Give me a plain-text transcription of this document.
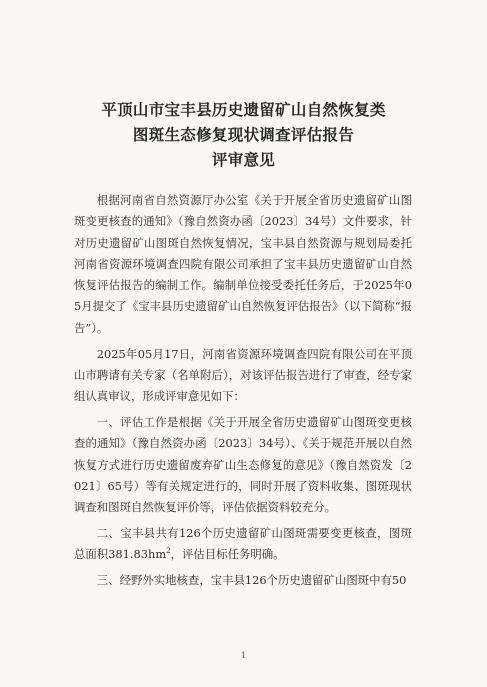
平顶山市宝丰县历史遗留矿山自然恢复类
图斑生态修复现状调查评估报告
评审意见

根据河南省自然资源厅办公室《关于开展全省历史遗留矿山图斑变更核查的通知》（豫自然资办函〔2023〕34号）文件要求，针对历史遗留矿山图斑自然恢复情况，宝丰县自然资源与规划局委托河南省资源环境调查四院有限公司承担了宝丰县历史遗留矿山自然恢复评估报告的编制工作。编制单位接受委托任务后，于2025年05月提交了《宝丰县历史遗留矿山自然恢复评估报告》（以下简称“报告”）。

2025年05月17日，河南省资源环境调查四院有限公司在平顶山市聘请有关专家（名单附后），对该评估报告进行了审查，经专家组认真审议，形成评审意见如下：

一、评估工作是根据《关于开展全省历史遗留矿山图斑变更核查的通知》（豫自然资办函〔2023〕34号）、《关于规范开展以自然恢复方式进行历史遗留废弃矿山生态修复的意见》（豫自然资发〔2021〕65号）等有关规定进行的，同时开展了资料收集、图斑现状调查和图斑自然恢复评价等，评估依据资料较充分。

二、宝丰县共有126个历史遗留矿山图斑需要变更核查，图斑总面积$381.83hm^2$，评估目标任务明确。

三、经野外实地核查，宝丰县126个历史遗留矿山图斑中有50

1
